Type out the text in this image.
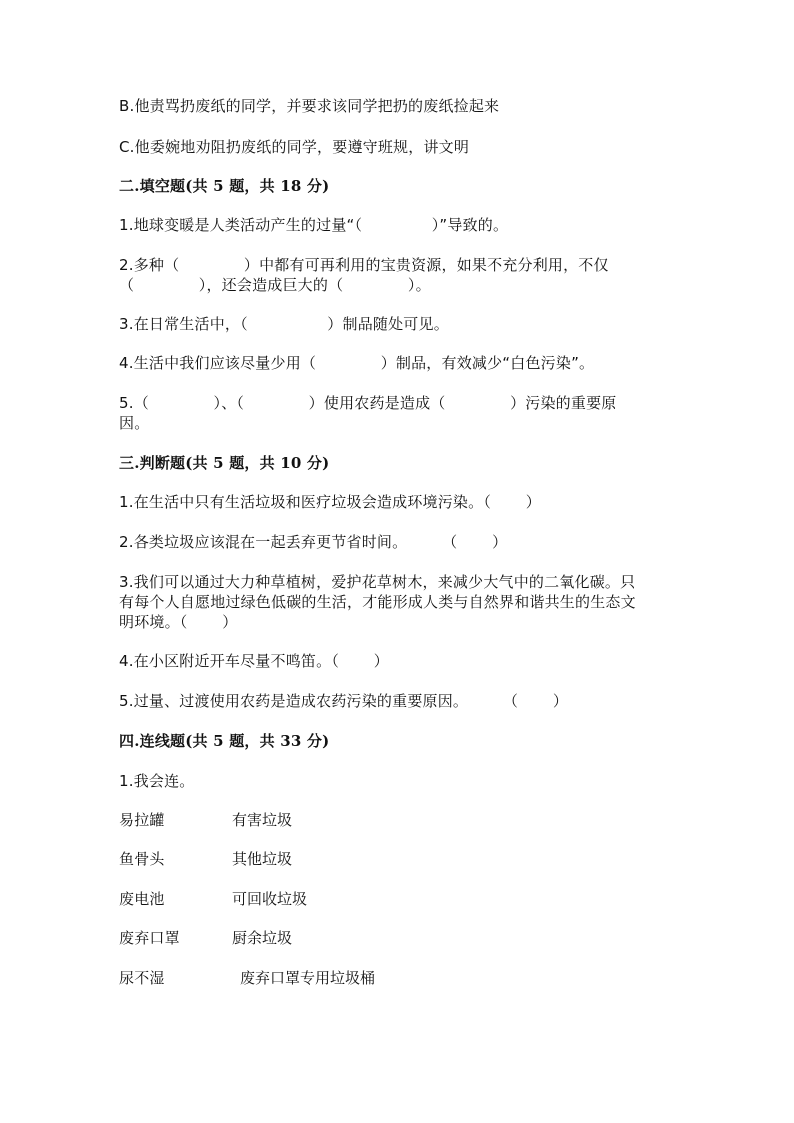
B.他责骂扔废纸的同学，并要求该同学把扔的废纸捡起来
C.他委婉地劝阻扔废纸的同学，要遵守班规，讲文明
二.填空题(共 5 题，共 18 分)
1.地球变暖是人类活动产生的过量“（              ）”导致的。
2.多种（             ）中都有可再利用的宝贵资源，如果不充分利用，不仅
（             ），还会造成巨大的（             ）。
3.在日常生活中，（                ）制品随处可见。
4.生活中我们应该尽量少用（             ）制品，有效减少“白色污染”。
5.（             ）、（             ）使用农药是造成（             ）污染的重要原
因。
三.判断题(共 5 题，共 10 分)
1.在生活中只有生活垃圾和医疗垃圾会造成环境污染。（       ）
2.各类垃圾应该混在一起丢弃更节省时间。       （       ）
3.我们可以通过大力种草植树，爱护花草树木，来减少大气中的二氧化碳。只
有每个人自愿地过绿色低碳的生活，才能形成人类与自然界和谐共生的生态文
明环境。（       ）
4.在小区附近开车尽量不鸣笛。（       ）
5.过量、过渡使用农药是造成农药污染的重要原因。       （       ）
四.连线题(共 5 题，共 33 分)
1.我会连。
易拉罐	有害垃圾
鱼骨头	其他垃圾
废电池	可回收垃圾
废弃口罩	厨余垃圾
尿不湿	废弃口罩专用垃圾桶
